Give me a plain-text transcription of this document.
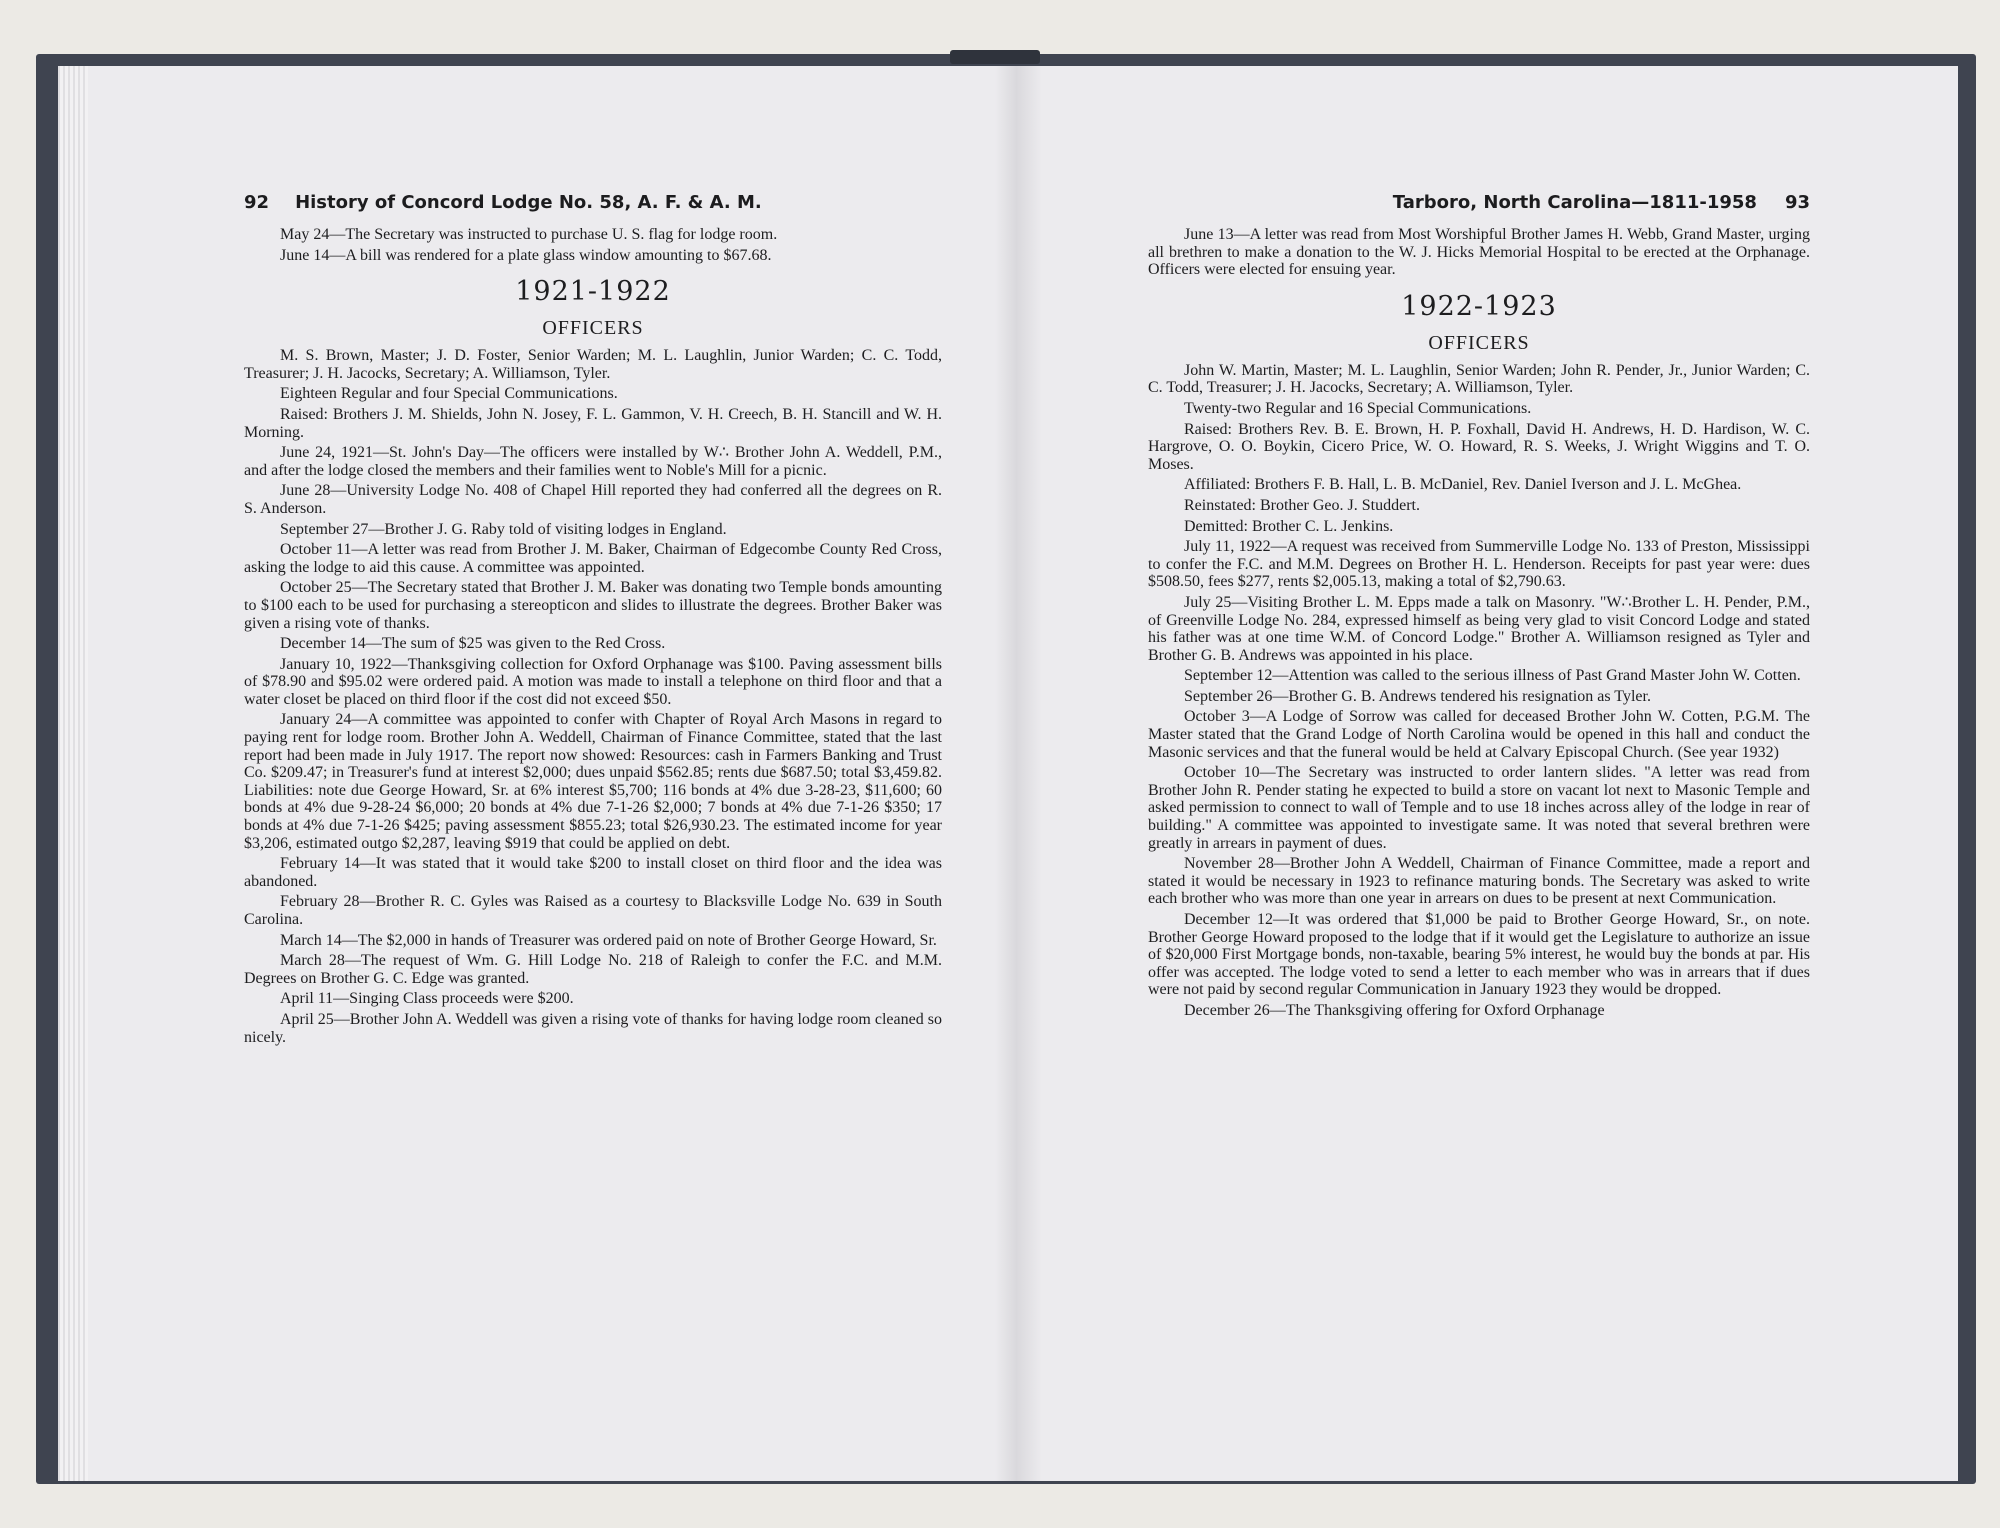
92 History of Concord Lodge No. 58, A. F. & A. M.

May 24—The Secretary was instructed to purchase U. S. flag for lodge room.

June 14—A bill was rendered for a plate glass window amounting to $67.68.

1921-1922
OFFICERS

M. S. Brown, Master; J. D. Foster, Senior Warden; M. L. Laughlin, Junior Warden; C. C. Todd, Treasurer; J. H. Jacocks, Secretary; A. Williamson, Tyler.

Eighteen Regular and four Special Communications.

Raised: Brothers J. M. Shields, John N. Josey, F. L. Gammon, V. H. Creech, B. H. Stancill and W. H. Morning.

June 24, 1921—St. John's Day—The officers were installed by W∴ Brother John A. Weddell, P.M., and after the lodge closed the members and their families went to Noble's Mill for a picnic.

June 28—University Lodge No. 408 of Chapel Hill reported they had conferred all the degrees on R. S. Anderson.

September 27—Brother J. G. Raby told of visiting lodges in England.

October 11—A letter was read from Brother J. M. Baker, Chairman of Edgecombe County Red Cross, asking the lodge to aid this cause. A committee was appointed.

October 25—The Secretary stated that Brother J. M. Baker was donating two Temple bonds amounting to $100 each to be used for purchasing a stereopticon and slides to illustrate the degrees. Brother Baker was given a rising vote of thanks.

December 14—The sum of $25 was given to the Red Cross.

January 10, 1922—Thanksgiving collection for Oxford Orphanage was $100. Paving assessment bills of $78.90 and $95.02 were ordered paid. A motion was made to install a telephone on third floor and that a water closet be placed on third floor if the cost did not exceed $50.

January 24—A committee was appointed to confer with Chapter of Royal Arch Masons in regard to paying rent for lodge room. Brother John A. Weddell, Chairman of Finance Committee, stated that the last report had been made in July 1917. The report now showed: Resources: cash in Farmers Banking and Trust Co. $209.47; in Treasurer's fund at interest $2,000; dues unpaid $562.85; rents due $687.50; total $3,459.82. Liabilities: note due George Howard, Sr. at 6% interest $5,700; 116 bonds at 4% due 3-28-23, $11,600; 60 bonds at 4% due 9-28-24 $6,000; 20 bonds at 4% due 7-1-26 $2,000; 7 bonds at 4% due 7-1-26 $350; 17 bonds at 4% due 7-1-26 $425; paving assessment $855.23; total $26,930.23. The estimated income for year $3,206, estimated outgo $2,287, leaving $919 that could be applied on debt.

February 14—It was stated that it would take $200 to install closet on third floor and the idea was abandoned.

February 28—Brother R. C. Gyles was Raised as a courtesy to Blacksville Lodge No. 639 in South Carolina.

March 14—The $2,000 in hands of Treasurer was ordered paid on note of Brother George Howard, Sr.

March 28—The request of Wm. G. Hill Lodge No. 218 of Raleigh to confer the F.C. and M.M. Degrees on Brother G. C. Edge was granted.

April 11—Singing Class proceeds were $200.

April 25—Brother John A. Weddell was given a rising vote of thanks for having lodge room cleaned so nicely.

Tarboro, North Carolina—1811-1958 93

June 13—A letter was read from Most Worshipful Brother James H. Webb, Grand Master, urging all brethren to make a donation to the W. J. Hicks Memorial Hospital to be erected at the Orphanage. Officers were elected for ensuing year.

1922-1923
OFFICERS

John W. Martin, Master; M. L. Laughlin, Senior Warden; John R. Pender, Jr., Junior Warden; C. C. Todd, Treasurer; J. H. Jacocks, Secretary; A. Williamson, Tyler.

Twenty-two Regular and 16 Special Communications.

Raised: Brothers Rev. B. E. Brown, H. P. Foxhall, David H. Andrews, H. D. Hardison, W. C. Hargrove, O. O. Boykin, Cicero Price, W. O. Howard, R. S. Weeks, J. Wright Wiggins and T. O. Moses.

Affiliated: Brothers F. B. Hall, L. B. McDaniel, Rev. Daniel Iverson and J. L. McGhea.

Reinstated: Brother Geo. J. Studdert.

Demitted: Brother C. L. Jenkins.

July 11, 1922—A request was received from Summerville Lodge No. 133 of Preston, Mississippi to confer the F.C. and M.M. Degrees on Brother H. L. Henderson. Receipts for past year were: dues $508.50, fees $277, rents $2,005.13, making a total of $2,790.63.

July 25—Visiting Brother L. M. Epps made a talk on Masonry. "W∴Brother L. H. Pender, P.M., of Greenville Lodge No. 284, expressed himself as being very glad to visit Concord Lodge and stated his father was at one time W.M. of Concord Lodge." Brother A. Williamson resigned as Tyler and Brother G. B. Andrews was appointed in his place.

September 12—Attention was called to the serious illness of Past Grand Master John W. Cotten.

September 26—Brother G. B. Andrews tendered his resignation as Tyler.

October 3—A Lodge of Sorrow was called for deceased Brother John W. Cotten, P.G.M. The Master stated that the Grand Lodge of North Carolina would be opened in this hall and conduct the Masonic services and that the funeral would be held at Calvary Episcopal Church. (See year 1932)

October 10—The Secretary was instructed to order lantern slides. "A letter was read from Brother John R. Pender stating he expected to build a store on vacant lot next to Masonic Temple and asked permission to connect to wall of Temple and to use 18 inches across alley of the lodge in rear of building." A committee was appointed to investigate same. It was noted that several brethren were greatly in arrears in payment of dues.

November 28—Brother John A Weddell, Chairman of Finance Committee, made a report and stated it would be necessary in 1923 to refinance maturing bonds. The Secretary was asked to write each brother who was more than one year in arrears on dues to be present at next Communication.

December 12—It was ordered that $1,000 be paid to Brother George Howard, Sr., on note. Brother George Howard proposed to the lodge that if it would get the Legislature to authorize an issue of $20,000 First Mortgage bonds, non-taxable, bearing 5% interest, he would buy the bonds at par. His offer was accepted. The lodge voted to send a letter to each member who was in arrears that if dues were not paid by second regular Communication in January 1923 they would be dropped.

December 26—The Thanksgiving offering for Oxford Orphanage
